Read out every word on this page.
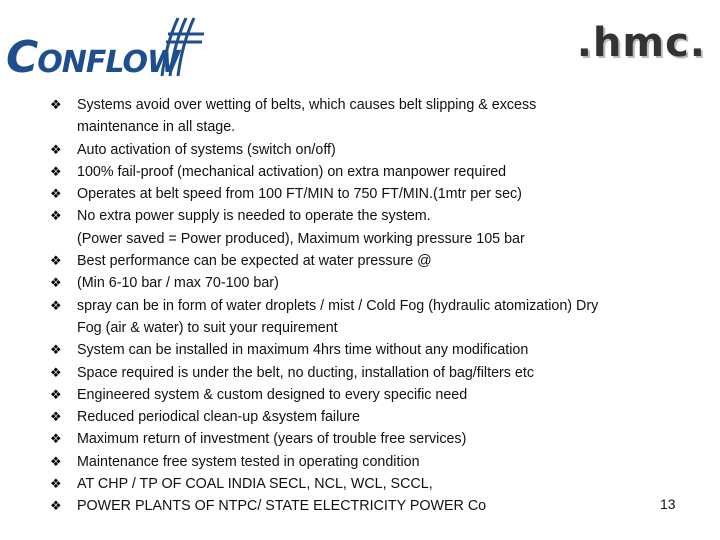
CONFLOW	.hmc.
❖ Systems avoid over wetting of belts, which causes belt slipping & excess
maintenance in all stage.
❖ Auto activation of systems (switch on/off)
❖ 100% fail-proof (mechanical activation) on extra manpower required
❖ Operates at belt speed from 100 FT/MIN to 750 FT/MIN.(1mtr per sec)
❖ No extra power supply is needed to operate the system.
(Power saved = Power produced), Maximum working pressure 105 bar
❖ Best performance can be expected at water pressure @
❖ (Min 6-10 bar / max 70-100 bar)
❖ spray can be in form of water droplets / mist / Cold Fog (hydraulic atomization) Dry
Fog (air & water) to suit your requirement
❖ System can be installed in maximum 4hrs time without any modification
❖ Space required is under the belt, no ducting, installation of bag/filters etc
❖ Engineered system & custom designed to every specific need
❖ Reduced periodical clean-up &system failure
❖ Maximum return of investment (years of trouble free services)
❖ Maintenance free system tested in operating condition
❖ AT CHP / TP OF COAL INDIA SECL, NCL, WCL, SCCL,
❖ POWER PLANTS OF NTPC/ STATE ELECTRICITY POWER Co	13
